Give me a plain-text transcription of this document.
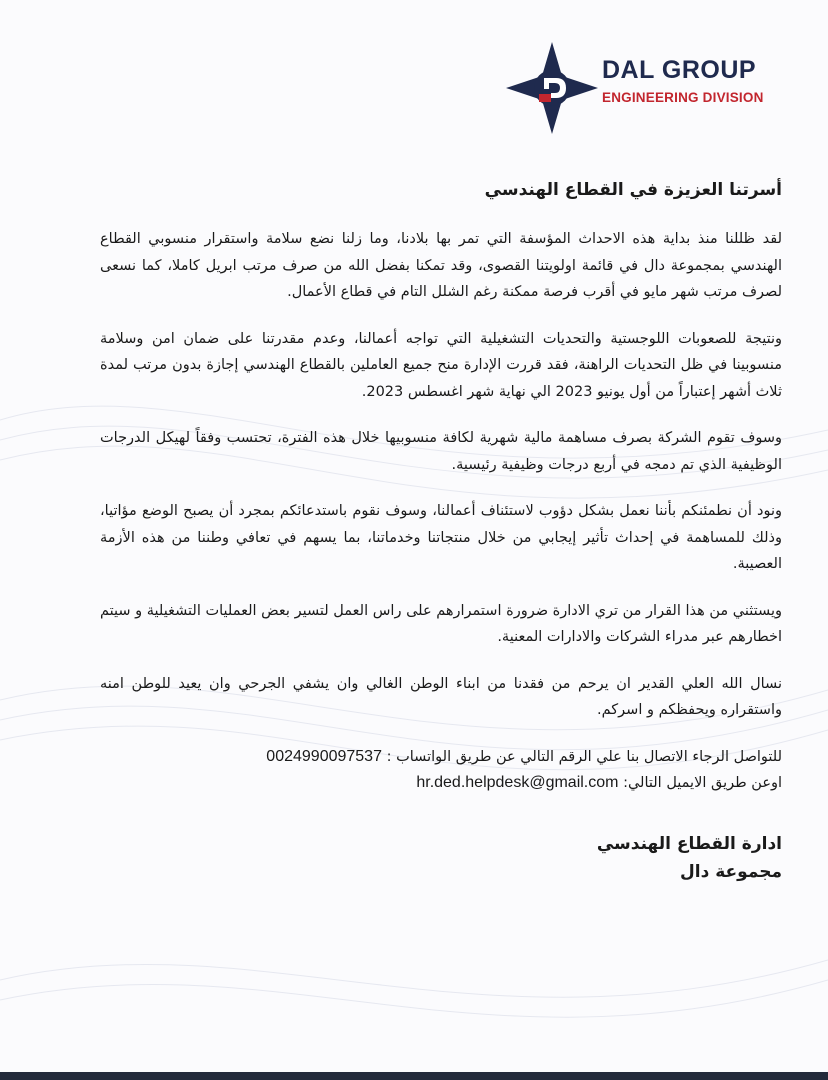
DAL GROUP
ENGINEERING DIVISION

أسرتنا العزيزة في القطاع الهندسي

لقد ظللنا منذ بداية هذه الاحداث المؤسفة التي تمر بها بلادنا، وما زلنا نضع سلامة واستقرار منسوبي القطاع الهندسي بمجموعة دال في قائمة اولويتنا القصوى، وقد تمكنا بفضل الله من صرف مرتب ابريل كاملا، كما نسعى لصرف مرتب شهر مايو في أقرب فرصة ممكنة رغم الشلل التام في قطاع الأعمال.

ونتيجة للصعوبات اللوجستية والتحديات التشغيلية التي تواجه أعمالنا، وعدم مقدرتنا على ضمان امن وسلامة منسوبينا في ظل التحديات الراهنة، فقد قررت الإدارة منح جميع العاملين بالقطاع الهندسي إجازة بدون مرتب لمدة ثلاث أشهر إعتباراً من أول يونيو 2023 الي نهاية شهر اغسطس 2023.

وسوف تقوم الشركة بصرف مساهمة مالية شهرية لكافة منسوبيها خلال هذه الفترة، تحتسب وفقاً لهيكل الدرجات الوظيفية الذي تم دمجه في أربع درجات وظيفية رئيسية.

ونود أن نطمئنكم بأننا نعمل بشكل دؤوب لاستئناف أعمالنا، وسوف نقوم باستدعائكم بمجرد أن يصبح الوضع مؤاتيا، وذلك للمساهمة في إحداث تأثير إيجابي من خلال منتجاتنا وخدماتنا، بما يسهم في تعافي وطننا من هذه الأزمة العصيبة.

ويستثني من هذا القرار من تري الادارة ضرورة استمرارهم على راس العمل لتسير بعض العمليات التشغيلية و سيتم اخطارهم عبر مدراء الشركات والادارات المعنية.

نسال الله العلي القدير ان يرحم من فقدنا من ابناء الوطن الغالي وان يشفي الجرحي وان يعيد للوطن امنه واستقراره ويحفظكم و اسركم.

للتواصل الرجاء الاتصال بنا علي الرقم التالي عن طريق الواتساب : 0024990097537

اوعن طريق الايميل التالي: hr.ded.helpdesk@gmail.com

ادارة القطاع الهندسي
مجموعة دال
